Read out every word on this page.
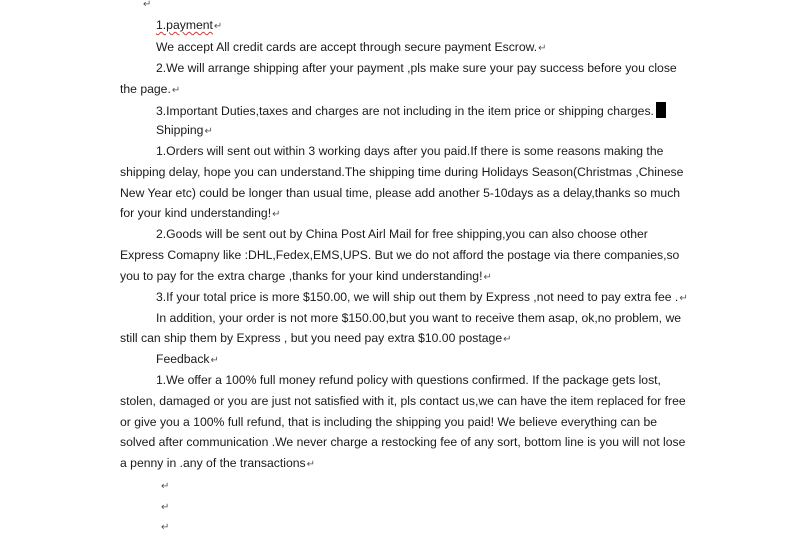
↵
1.payment↵
We accept All credit cards are accept through secure payment Escrow.↵
2.We will arrange shipping after your payment ,pls make sure your pay success before you close
the page.↵
3.Important Duties,taxes and charges are not including in the item price or shipping charges.
Shipping↵
1.Orders will sent out within 3 working days after you paid.If there is some reasons making the
shipping delay, hope you can understand.The shipping time during Holidays Season(Christmas ,Chinese
New Year etc) could be longer than usual time, please add another 5-10days as a delay,thanks so much
for your kind understanding!↵
2.Goods will be sent out by China Post Airl Mail for free shipping,you can also choose other
Express Comapny like :DHL,Fedex,EMS,UPS. But we do not afford the postage via there companies,so
you to pay for the extra charge ,thanks for your kind understanding!↵
3.If your total price is more $150.00, we will ship out them by Express ,not need to pay extra fee .↵
In addition, your order is not more $150.00,but you want to receive them asap, ok,no problem, we
still can ship them by Express , but you need pay extra $10.00 postage↵
Feedback↵
1.We offer a 100% full money refund policy with questions confirmed. If the package gets lost,
stolen, damaged or you are just not satisfied with it, pls contact us,we can have the item replaced for free
or give you a 100% full refund, that is including the shipping you paid! We believe everything can be
solved after communication .We never charge a restocking fee of any sort, bottom line is you will not lose
a penny in .any of the transactions↵
↵
↵
↵
